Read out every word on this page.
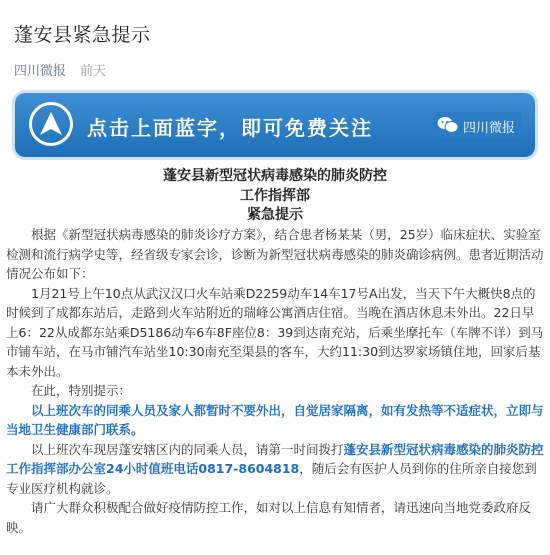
蓬安县紧急提示
四川微报 前天
点击上面蓝字，即可免费关注	四川微报
蓬安县新型冠状病毒感染的肺炎防控
工作指挥部
紧急提示

根据《新型冠状病毒感染的肺炎诊疗方案》，结合患者杨某某（男，25岁）临床症状、实验室检测和流行病学史等，经省级专家会诊，诊断为新型冠状病毒感染的肺炎确诊病例。患者近期活动情况公布如下：

1月21号上午10点从武汉汉口火车站乘D2259动车14车17号A出发，当天下午大概快8点的时候到了成都东站后，走路到火车站附近的瑞峰公寓酒店住宿。当晚在酒店休息未外出。22日早上6：22从成都东站乘D5186动车6车8F座位8：39到达南充站，后乘坐摩托车（车牌不详）到马市铺车站，在马市铺汽车站坐10:30南充至渠县的客车，大约11:30到达罗家场镇住地，回家后基本未外出。

在此，特别提示：

以上班次车的同乘人员及家人都暂时不要外出，自觉居家隔离，如有发热等不适症状，立即与当地卫生健康部门联系。

以上班次车现居蓬安辖区内的同乘人员，请第一时间拨打蓬安县新型冠状病毒感染的肺炎防控工作指挥部办公室24小时值班电话0817-8604818，随后会有医护人员到你的住所亲自接您到专业医疗机构就诊。

请广大群众积极配合做好疫情防控工作，如对以上信息有知情者，请迅速向当地党委政府反映。
